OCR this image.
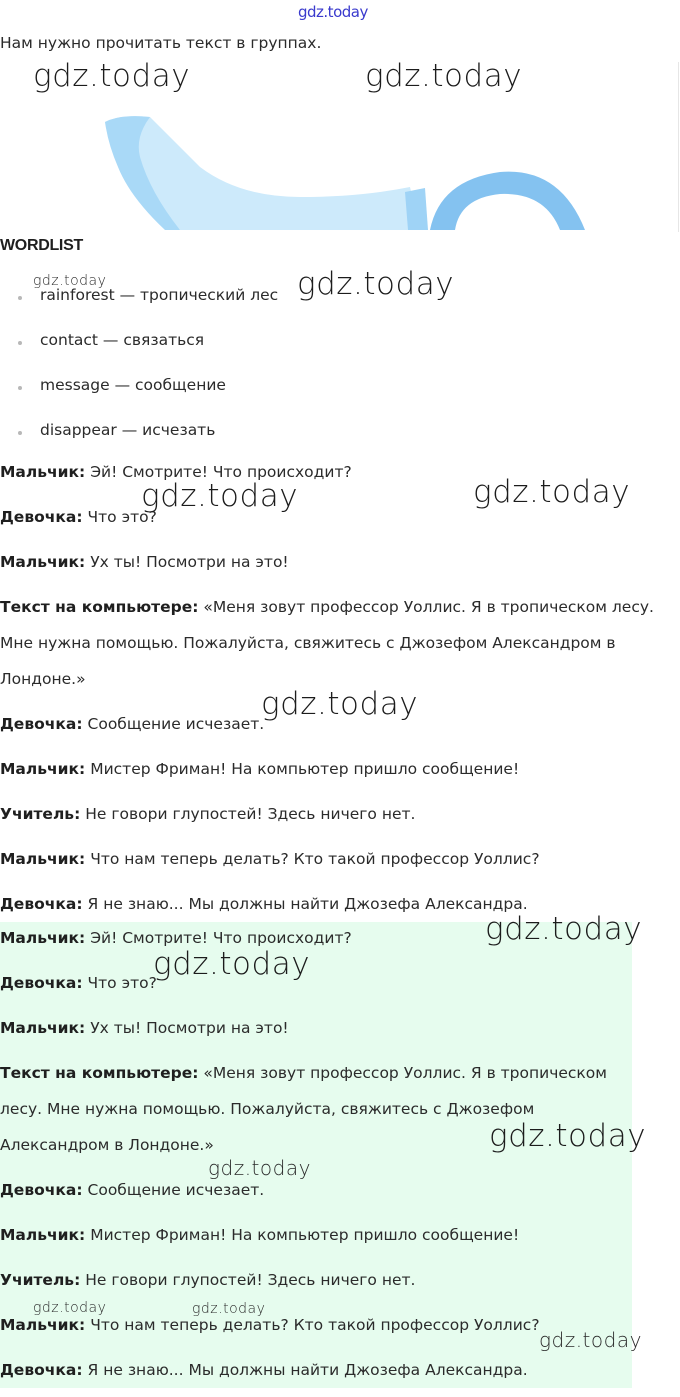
gdz.today
Нам нужно прочитать текст в группах.
WORDLIST
rainforest — тропический лес
contact — связаться
message — сообщение
disappear — исчезать
Мальчик: Эй! Смотрите! Что происходит?
Девочка: Что это?
Мальчик: Ух ты! Посмотри на это!
Текст на компьютере: «Меня зовут профессор Уоллис. Я в тропическом лесу. Мне нужна помощью. Пожалуйста, свяжитесь с Джозефом Александром в Лондоне.»
Девочка: Сообщение исчезает.
Мальчик: Мистер Фриман! На компьютер пришло сообщение!
Учитель: Не говори глупостей! Здесь ничего нет.
Мальчик: Что нам теперь делать? Кто такой профессор Уоллис?
Девочка: Я не знаю... Мы должны найти Джозефа Александра.
Мальчик: Эй! Смотрите! Что происходит?
Девочка: Что это?
Мальчик: Ух ты! Посмотри на это!
Текст на компьютере: «Меня зовут профессор Уоллис. Я в тропическом лесу. Мне нужна помощью. Пожалуйста, свяжитесь с Джозефом Александром в Лондоне.»
Девочка: Сообщение исчезает.
Мальчик: Мистер Фриман! На компьютер пришло сообщение!
Учитель: Не говори глупостей! Здесь ничего нет.
Мальчик: Что нам теперь делать? Кто такой профессор Уоллис?
Девочка: Я не знаю... Мы должны найти Джозефа Александра.
gdz.today	gdz.today
gdz.today	gdz.today
gdz.today	gdz.today
gdz.today
gdz.today
gdz.today
gdz.today
gdz.today
gdz.today	gdz.today
gdz.today
